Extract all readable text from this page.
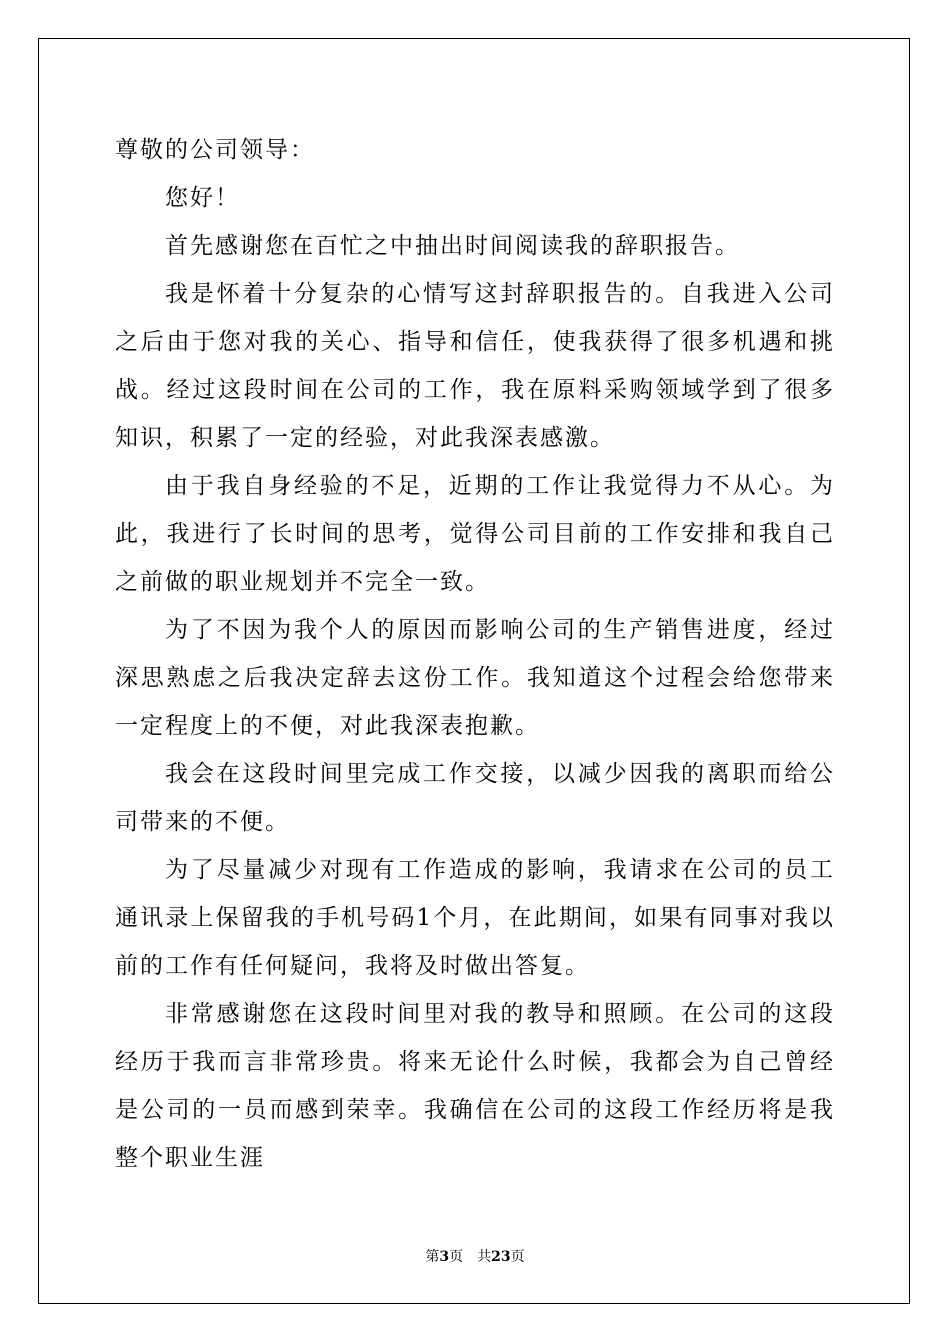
尊敬的公司领导：

您好！

首先感谢您在百忙之中抽出时间阅读我的辞职报告。

我是怀着十分复杂的心情写这封辞职报告的。自我进入公司之后由于您对我的关心、指导和信任，使我获得了很多机遇和挑战。经过这段时间在公司的工作，我在原料采购领域学到了很多知识，积累了一定的经验，对此我深表感激。

由于我自身经验的不足，近期的工作让我觉得力不从心。为此，我进行了长时间的思考，觉得公司目前的工作安排和我自己之前做的职业规划并不完全一致。

为了不因为我个人的原因而影响公司的生产销售进度，经过深思熟虑之后我决定辞去这份工作。我知道这个过程会给您带来一定程度上的不便，对此我深表抱歉。

我会在这段时间里完成工作交接，以减少因我的离职而给公司带来的不便。

为了尽量减少对现有工作造成的影响，我请求在公司的员工通讯录上保留我的手机号码1个月，在此期间，如果有同事对我以前的工作有任何疑问，我将及时做出答复。

非常感谢您在这段时间里对我的教导和照顾。在公司的这段经历于我而言非常珍贵。将来无论什么时候，我都会为自己曾经是公司的一员而感到荣幸。我确信在公司的这段工作经历将是我整个职业生涯

第3页 共23页
